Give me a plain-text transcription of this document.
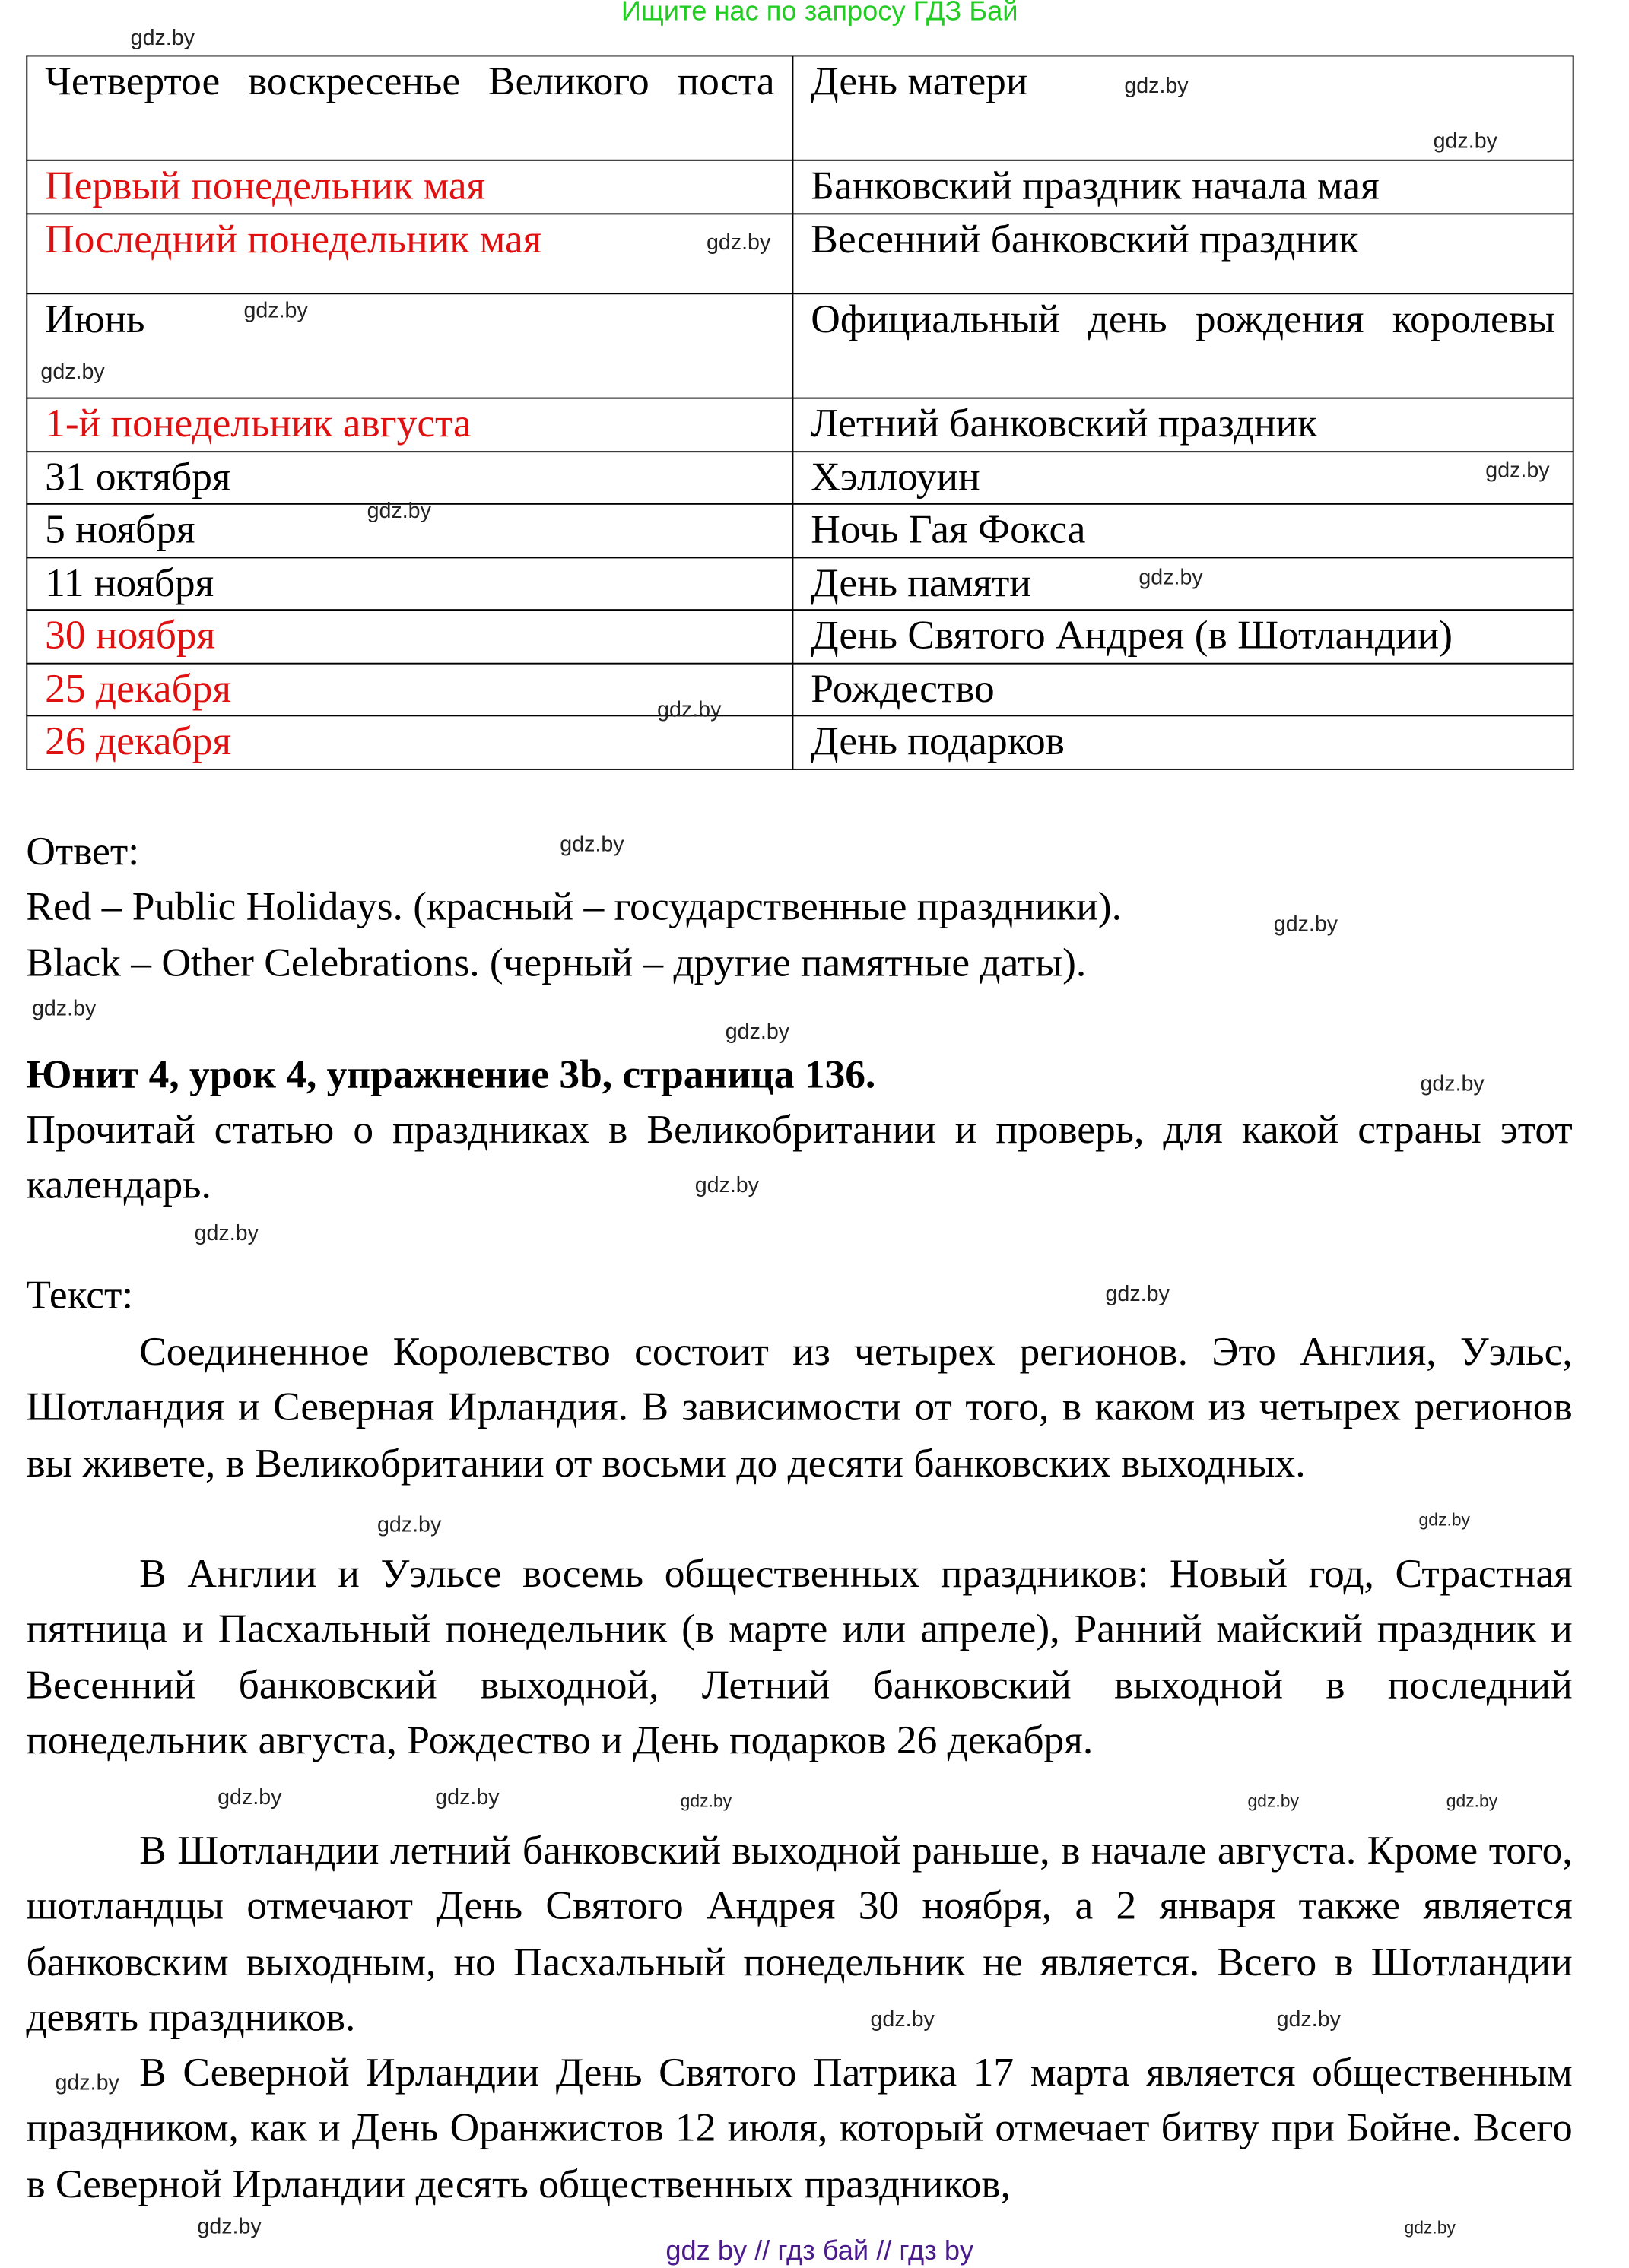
Ищите нас по запросу ГДЗ Бай
Четвертое воскресенье Великого поста	День матери
Первый понедельник мая	Банковский праздник начала мая
Последний понедельник мая	Весенний банковский праздник
Июнь	Официальный день рождения королевы
1-й понедельник августа	Летний банковский праздник
31 октября	Хэллоуин
5 ноября	Ночь Гая Фокса
11 ноября	День памяти
30 ноября	День Святого Андрея (в Шотландии)
25 декабря	Рождество
26 декабря	День подарков
Ответ:
Red – Public Holidays. (красный – государственные праздники).
Black – Other Celebrations. (черный – другие памятные даты).
Юнит 4, урок 4, упражнение 3b, страница 136.
Прочитай статью о праздниках в Великобритании и проверь, для какой страны этот календарь.
Текст:
Соединенное Королевство состоит из четырех регионов. Это Англия, Уэльс, Шотландия и Северная Ирландия. В зависимости от того, в каком из четырех регионов вы живете, в Великобритании от восьми до десяти банковских выходных.
В Англии и Уэльсе восемь общественных праздников: Новый год, Страстная пятница и Пасхальный понедельник (в марте или апреле), Ранний майский праздник и Весенний банковский выходной, Летний банковский выходной в последний понедельник августа, Рождество и День подарков 26 декабря.
В Шотландии летний банковский выходной раньше, в начале августа. Кроме того, шотландцы отмечают День Святого Андрея 30 ноября, а 2 января также является банковским выходным, но Пасхальный понедельник не является. Всего в Шотландии девять праздников.
В Северной Ирландии День Святого Патрика 17 марта является общественным праздником, как и День Оранжистов 12 июля, который отмечает битву при Бойне. Всего в Северной Ирландии десять общественных праздников,
gdz.by
gdz.by
gdz.by
gdz.by
gdz.by
gdz.by
gdz.by
gdz.by
gdz.by
gdz.by
gdz.by
gdz.by
gdz.by
gdz.by
gdz.by
gdz.by
gdz.by
gdz.by
gdz.by
gdz.by	gdz.by
gdz.by	gdz.by
gdz.by
gdz.by
gdz.by
gdz.by	gdz.by
gdz.by
gdz.by
gdz by // гдз бай // гдз by
